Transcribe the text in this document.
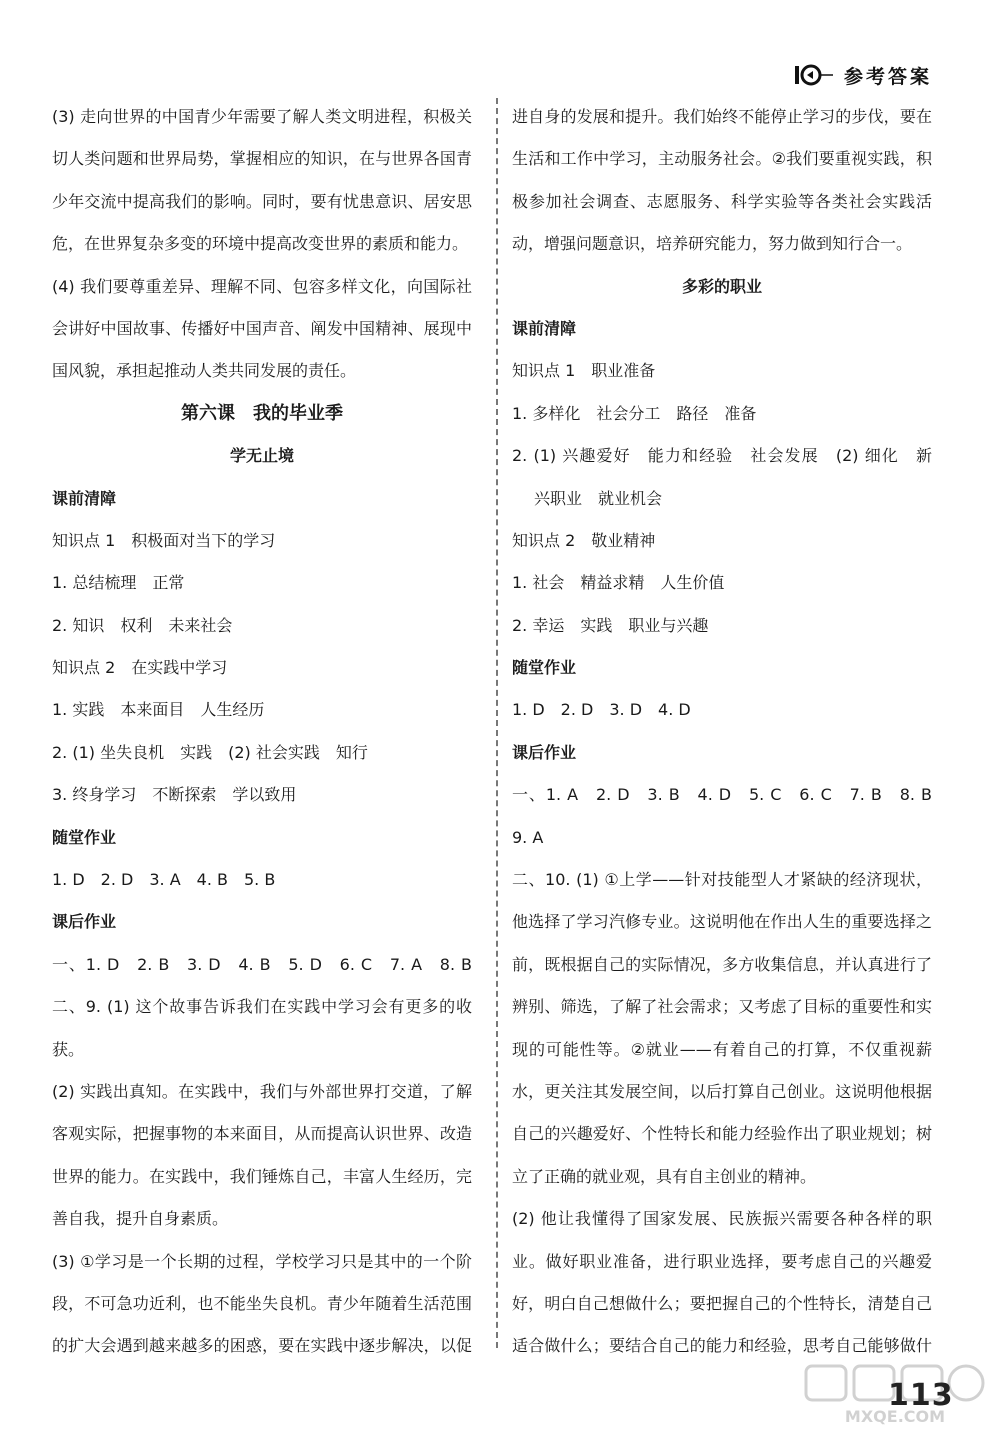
参考答案
(3) 走向世界的中国青少年需要了解人类文明进程，积极关
切人类问题和世界局势，掌握相应的知识，在与世界各国青
少年交流中提高我们的影响。同时，要有忧患意识、居安思
危，在世界复杂多变的环境中提高改变世界的素质和能力。
(4) 我们要尊重差异、理解不同、包容多样文化，向国际社
会讲好中国故事、传播好中国声音、阐发中国精神、展现中
国风貌，承担起推动人类共同发展的责任。
第六课　我的毕业季
学无止境
课前清障
知识点 1　积极面对当下的学习
1. 总结梳理　正常
2. 知识　权利　未来社会
知识点 2　在实践中学习
1. 实践　本来面目　人生经历
2. (1) 坐失良机　实践　(2) 社会实践　知行
3. 终身学习　不断探索　学以致用
随堂作业
1. D　2. D　3. A　4. B　5. B
课后作业
一、1. D　2. B　3. D　4. B　5. D　6. C　7. A　8. B
二、9. (1) 这个故事告诉我们在实践中学习会有更多的收
获。
(2) 实践出真知。在实践中，我们与外部世界打交道，了解
客观实际，把握事物的本来面目，从而提高认识世界、改造
世界的能力。在实践中，我们锤炼自己，丰富人生经历，完
善自我，提升自身素质。
(3) ①学习是一个长期的过程，学校学习只是其中的一个阶
段，不可急功近利，也不能坐失良机。青少年随着生活范围
的扩大会遇到越来越多的困惑，要在实践中逐步解决，以促
进自身的发展和提升。我们始终不能停止学习的步伐，要在
生活和工作中学习，主动服务社会。②我们要重视实践，积
极参加社会调查、志愿服务、科学实验等各类社会实践活
动，增强问题意识，培养研究能力，努力做到知行合一。
多彩的职业
课前清障
知识点 1　职业准备
1. 多样化　社会分工　路径　准备
2. (1) 兴趣爱好　能力和经验　社会发展　(2) 细化　新
兴职业　就业机会
知识点 2　敬业精神
1. 社会　精益求精　人生价值
2. 幸运　实践　职业与兴趣
随堂作业
1. D　2. D　3. D　4. D
课后作业
一、1. A　2. D　3. B　4. D　5. C　6. C　7. B　8. B
9. A
二、10. (1) ①上学——针对技能型人才紧缺的经济现状，
他选择了学习汽修专业。这说明他在作出人生的重要选择之
前，既根据自己的实际情况，多方收集信息，并认真进行了
辨别、筛选，了解了社会需求；又考虑了目标的重要性和实
现的可能性等。②就业——有着自己的打算，不仅重视薪
水，更关注其发展空间，以后打算自己创业。这说明他根据
自己的兴趣爱好、个性特长和能力经验作出了职业规划；树
立了正确的就业观，具有自主创业的精神。
(2) 他让我懂得了国家发展、民族振兴需要各种各样的职
业。做好职业准备，进行职业选择，要考虑自己的兴趣爱
好，明白自己想做什么；要把握自己的个性特长，清楚自己
适合做什么；要结合自己的能力和经验，思考自己能够做什
113
MXQE.COM
